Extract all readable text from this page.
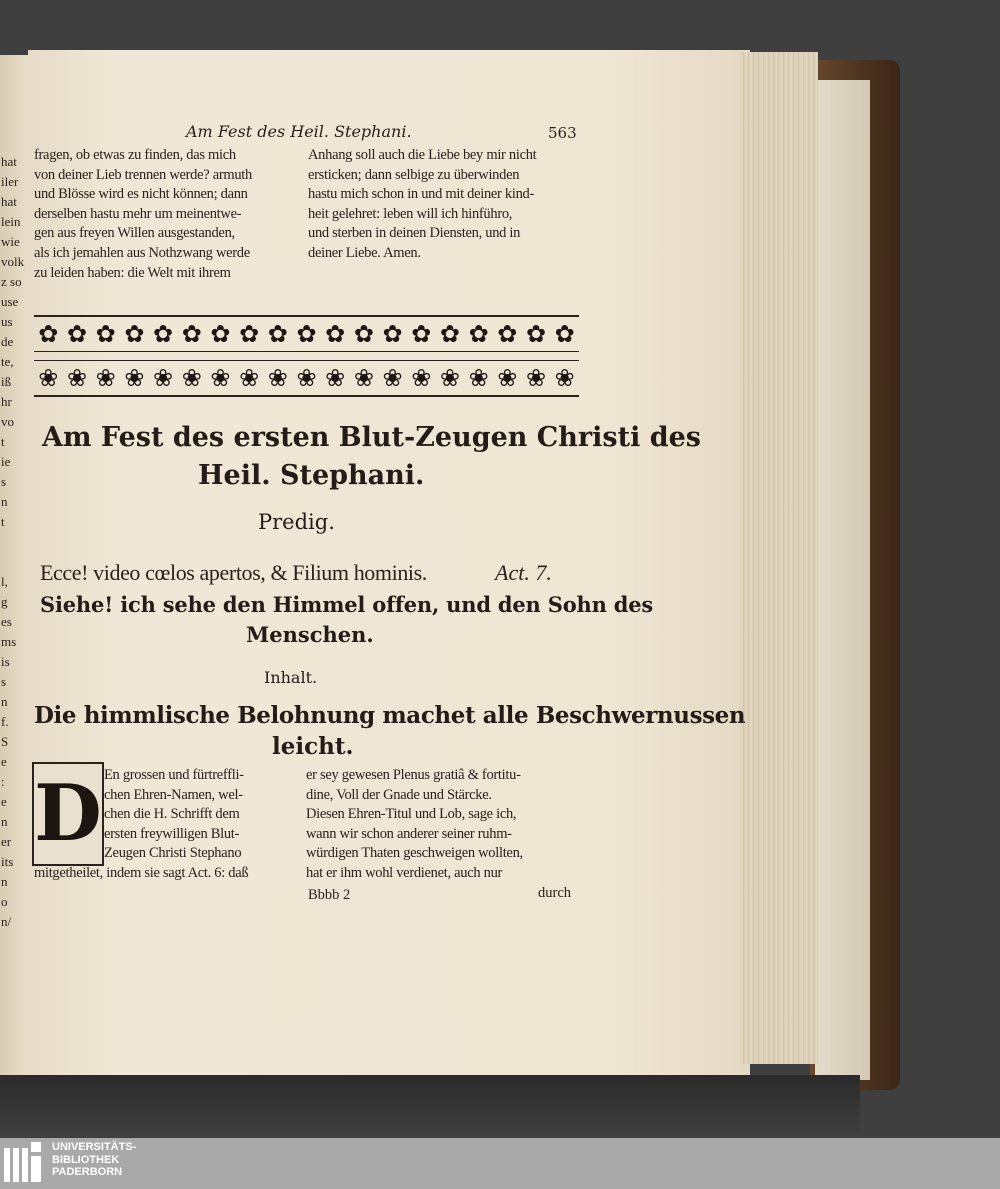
hat
iler
hat
lein
wie
volk
z so
use
us
de
te,
iß
hr
vo
t
ie
s
n
t

l,
g
es
ms
is
s
n
f.
S
e
:
e
n
er
its
n
o
n/
Am Fest des Heil. Stephani.	563
fragen, ob etwas zu finden, das mich
von deiner Lieb trennen werde? armuth
und Blösse wird es nicht können; dann
derselben hastu mehr um meinentwe-
gen aus freyen Willen ausgestanden,
als ich jemahlen aus Nothzwang werde
zu leiden haben: die Welt mit ihrem
Anhang soll auch die Liebe bey mir nicht
ersticken; dann selbige zu überwinden
hastu mich schon in und mit deiner kind-
heit gelehret: leben will ich hinführo,
und sterben in deinen Diensten, und in
deiner Liebe. Amen.
✿ ✿ ✿ ✿ ✿ ✿ ✿ ✿ ✿ ✿ ✿ ✿ ✿ ✿ ✿ ✿ ✿ ✿ ✿
❀ ❀ ❀ ❀ ❀ ❀ ❀ ❀ ❀ ❀ ❀ ❀ ❀ ❀ ❀ ❀ ❀ ❀ ❀
Am Fest des ersten Blut-Zeugen Christi des
Heil. Stephani.
Predig.
Ecce! video cœlos apertos, & Filium hominis.	Act. 7.
Siehe! ich sehe den Himmel offen, und den Sohn des
Menschen.
Inhalt.
Die himmlische Belohnung machet alle Beschwernussen
leicht.
D En grossen und fürtreffli-
chen Ehren-Namen, wel-
chen die H. Schrifft dem
ersten freywilligen Blut-
Zeugen Christi Stephano
mitgetheilet, indem sie sagt Act. 6: daß
er sey gewesen Plenus gratiâ & fortitu-
dine, Voll der Gnade und Stärcke.
Diesen Ehren-Titul und Lob, sage ich,
wann wir schon anderer seiner ruhm-
würdigen Thaten geschweigen wollten,
hat er ihm wohl verdienet, auch nur
Bbbb 2	durch
UNIVERSITÄTS-
BIBLIOTHEK
PADERBORN
